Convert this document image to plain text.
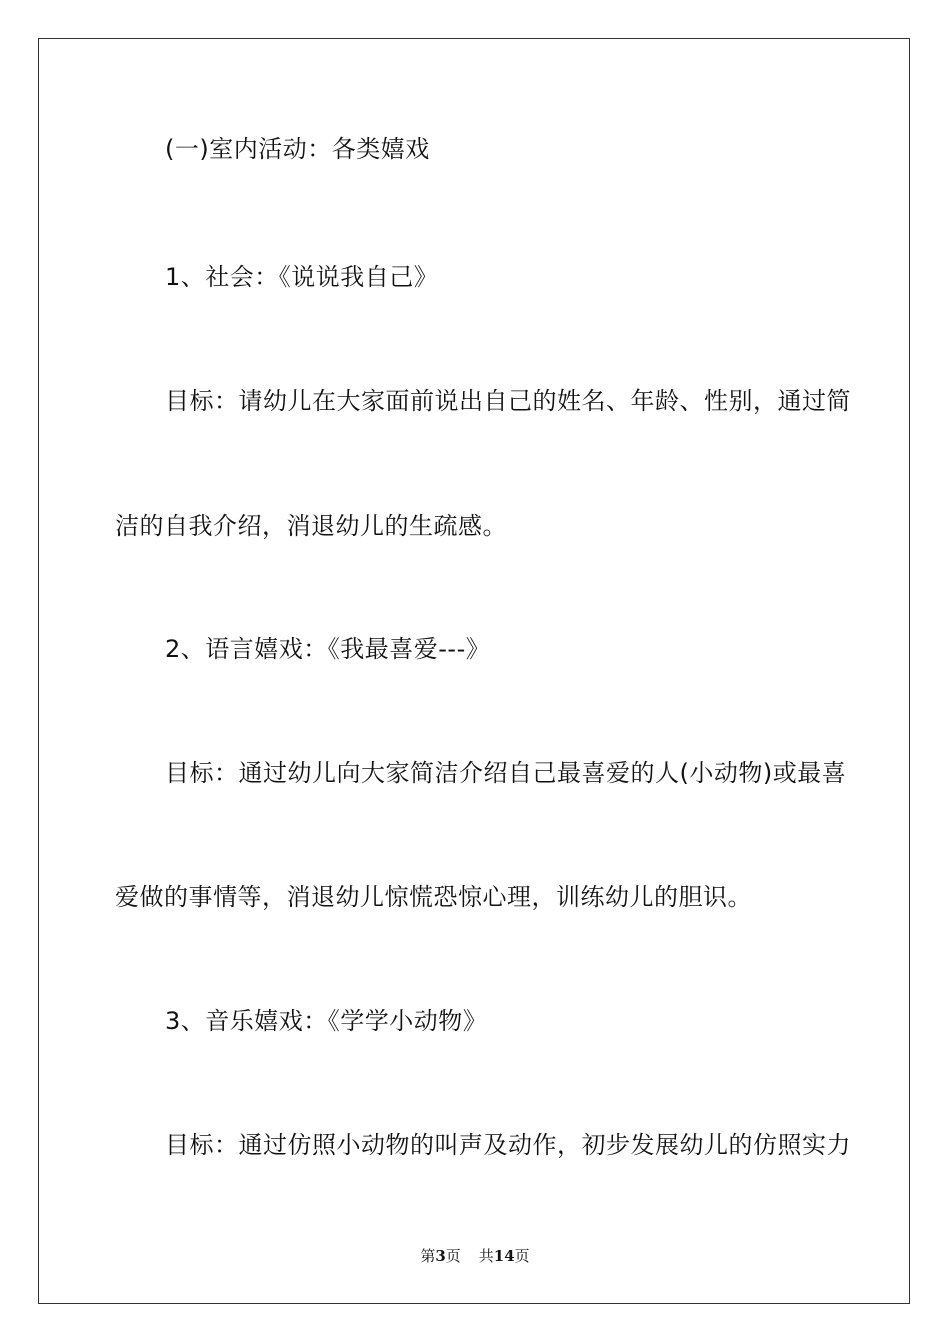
(一)室内活动：各类嬉戏
1、社会：《说说我自己》
目标：请幼儿在大家面前说出自己的姓名、年龄、性别，通过简
洁的自我介绍，消退幼儿的生疏感。
2、语言嬉戏：《我最喜爱---》
目标：通过幼儿向大家简洁介绍自己最喜爱的人(小动物)或最喜
爱做的事情等，消退幼儿惊慌恐惊心理，训练幼儿的胆识。
3、音乐嬉戏：《学学小动物》
目标：通过仿照小动物的叫声及动作，初步发展幼儿的仿照实力
第3页 共14页
